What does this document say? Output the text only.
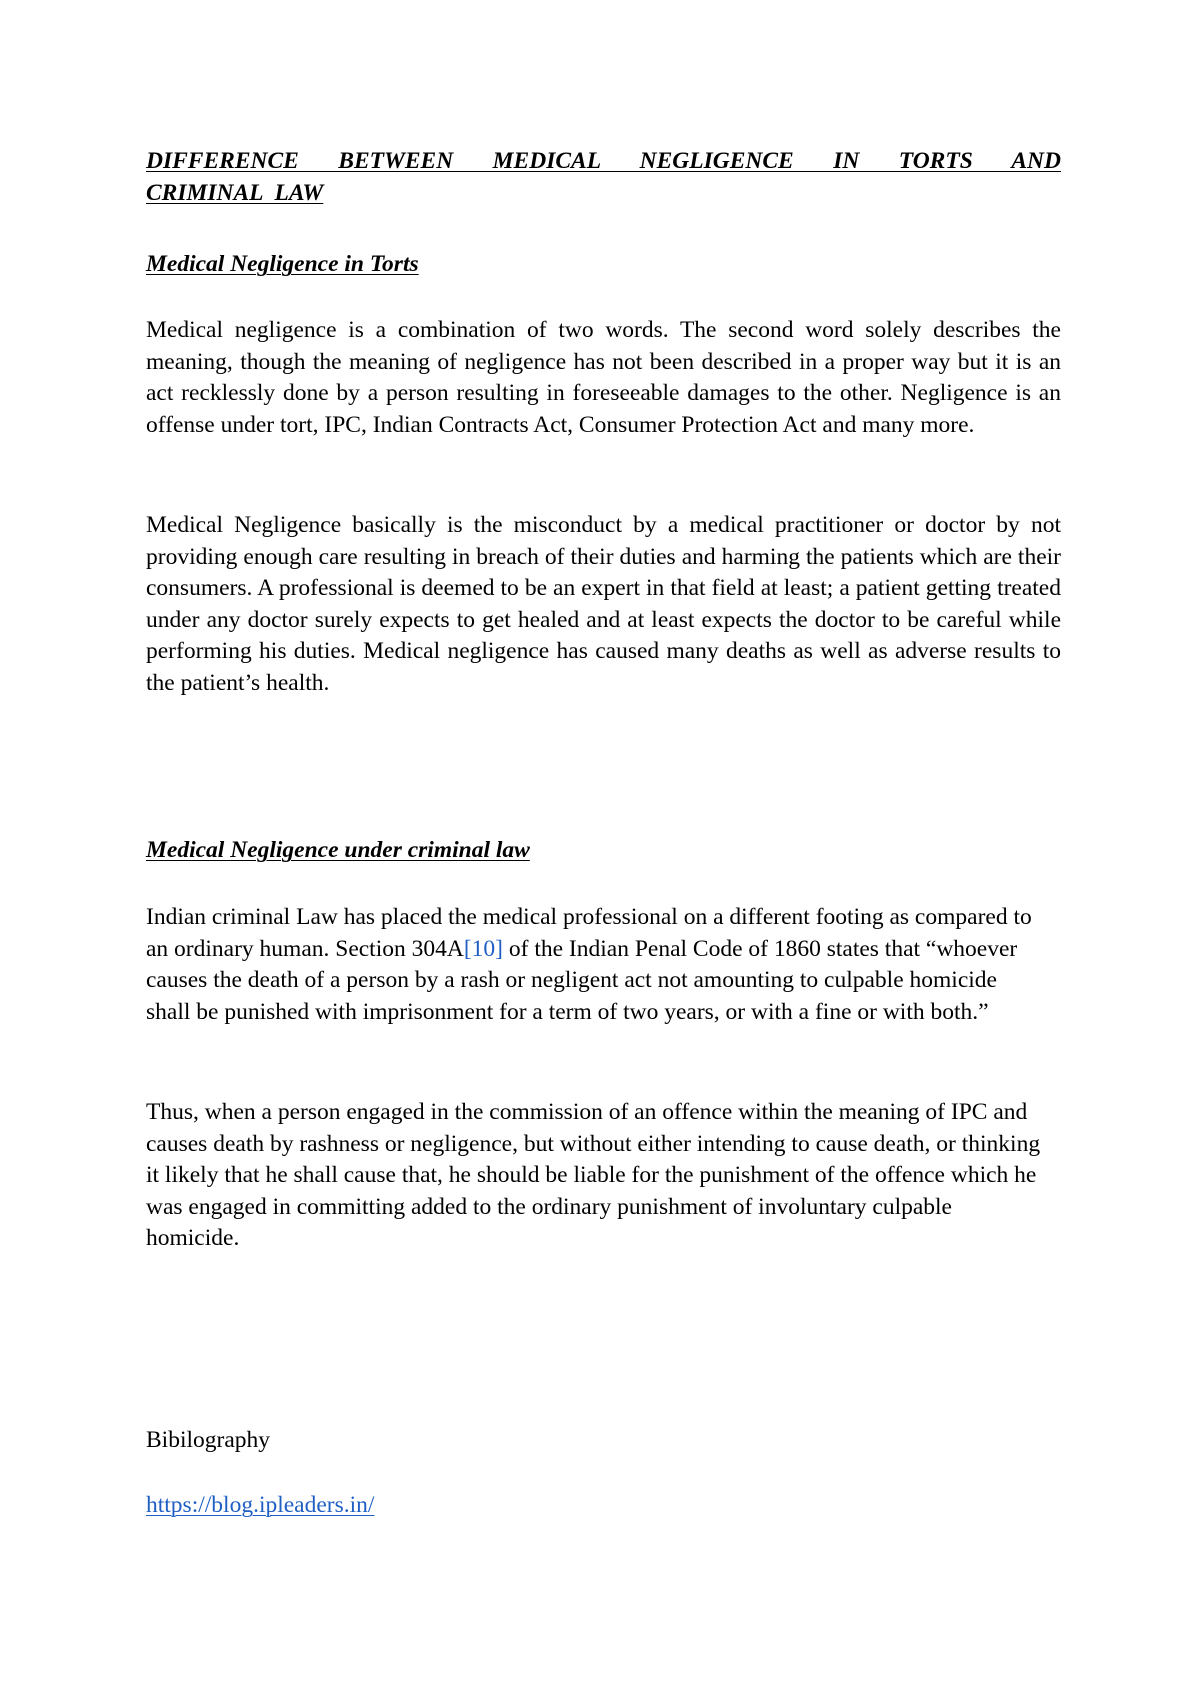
DIFFERENCE BETWEEN MEDICAL NEGLIGENCE IN TORTS AND
CRIMINAL LAW
Medical Negligence in Torts

Medical negligence is a combination of two words. The second word solely describes the meaning, though the meaning of negligence has not been described in a proper way but it is an act recklessly done by a person resulting in foreseeable damages to the other. Negligence is an offense under tort, IPC, Indian Contracts Act, Consumer Protection Act and many more.

Medical Negligence basically is the misconduct by a medical practitioner or doctor by not providing enough care resulting in breach of their duties and harming the patients which are their consumers. A professional is deemed to be an expert in that field at least; a patient getting treated under any doctor surely expects to get healed and at least expects the doctor to be careful while performing his duties. Medical negligence has caused many deaths as well as adverse results to the patient’s health.

Medical Negligence under criminal law

Indian criminal Law has placed the medical professional on a different footing as compared to an ordinary human. Section 304A[10] of the Indian Penal Code of 1860 states that “whoever causes the death of a person by a rash or negligent act not amounting to culpable homicide shall be punished with imprisonment for a term of two years, or with a fine or with both.”

Thus, when a person engaged in the commission of an offence within the meaning of IPC and causes death by rashness or negligence, but without either intending to cause death, or thinking it likely that he shall cause that, he should be liable for the punishment of the offence which he was engaged in committing added to the ordinary punishment of involuntary culpable homicide.

Bibilography

https://blog.ipleaders.in/
